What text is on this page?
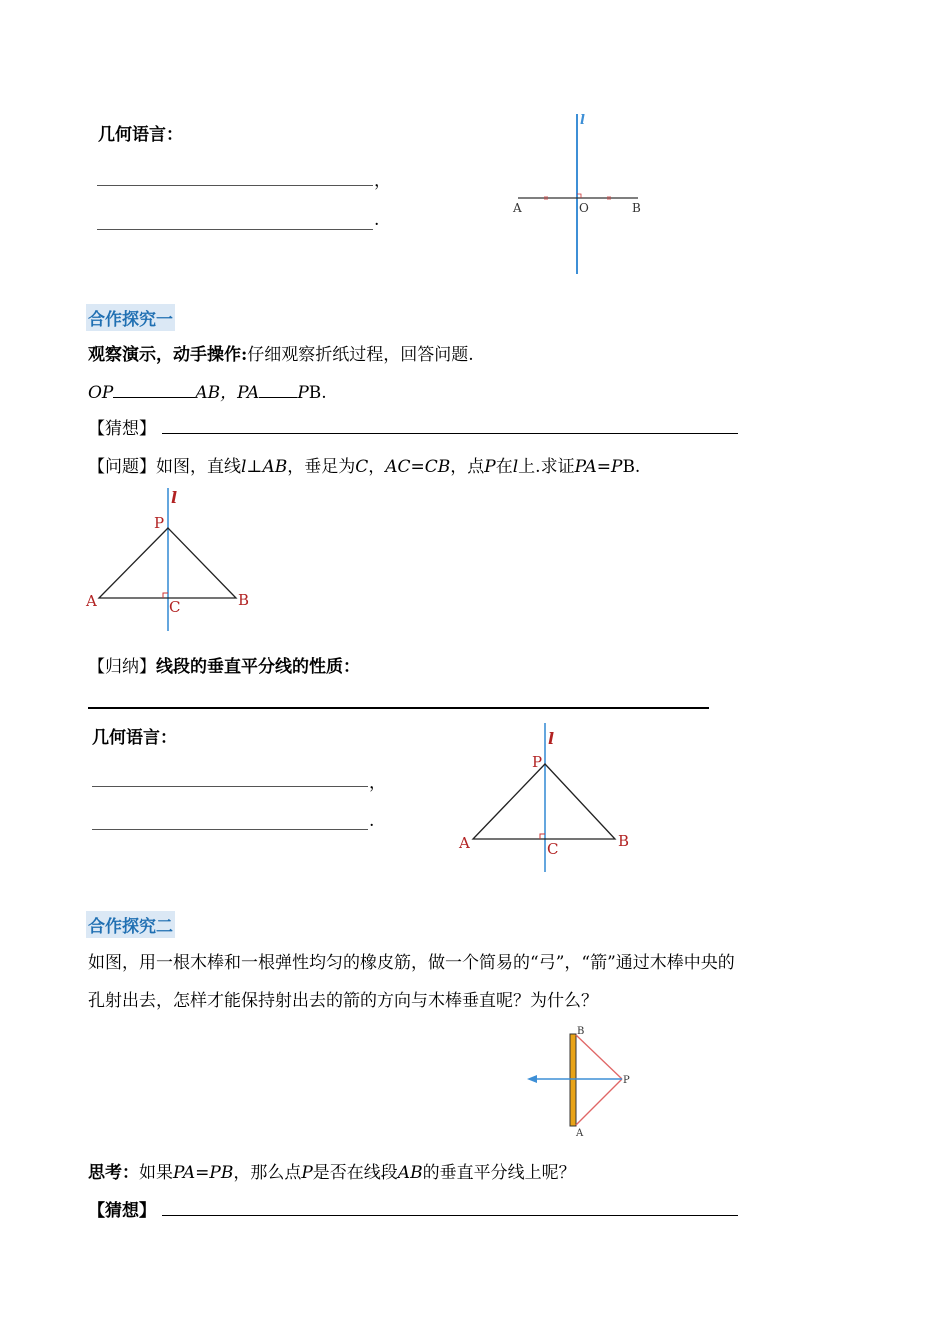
几何语言：
，
.
l
A	O	B
合作探究一
观察演示，动手操作:仔细观察折纸过程，回答问题.
OP	AB，PA PB.
【猜想】
【问题】如图，直线l⊥AB，垂足为C，AC=CB，点P在l上.求证PA=PB.
l
P
A	C	B
【归纳】线段的垂直平分线的性质：
几何语言：
，
.
l
P
A	C	B
合作探究二
如图，用一根木棒和一根弹性均匀的橡皮筋，做一个简易的“弓”，“箭”通过木棒中央的
孔射出去，怎样才能保持射出去的箭的方向与木棒垂直呢？为什么？
B
P
A
思考：如果PA=PB，那么点P是否在线段AB的垂直平分线上呢？
【猜想】
